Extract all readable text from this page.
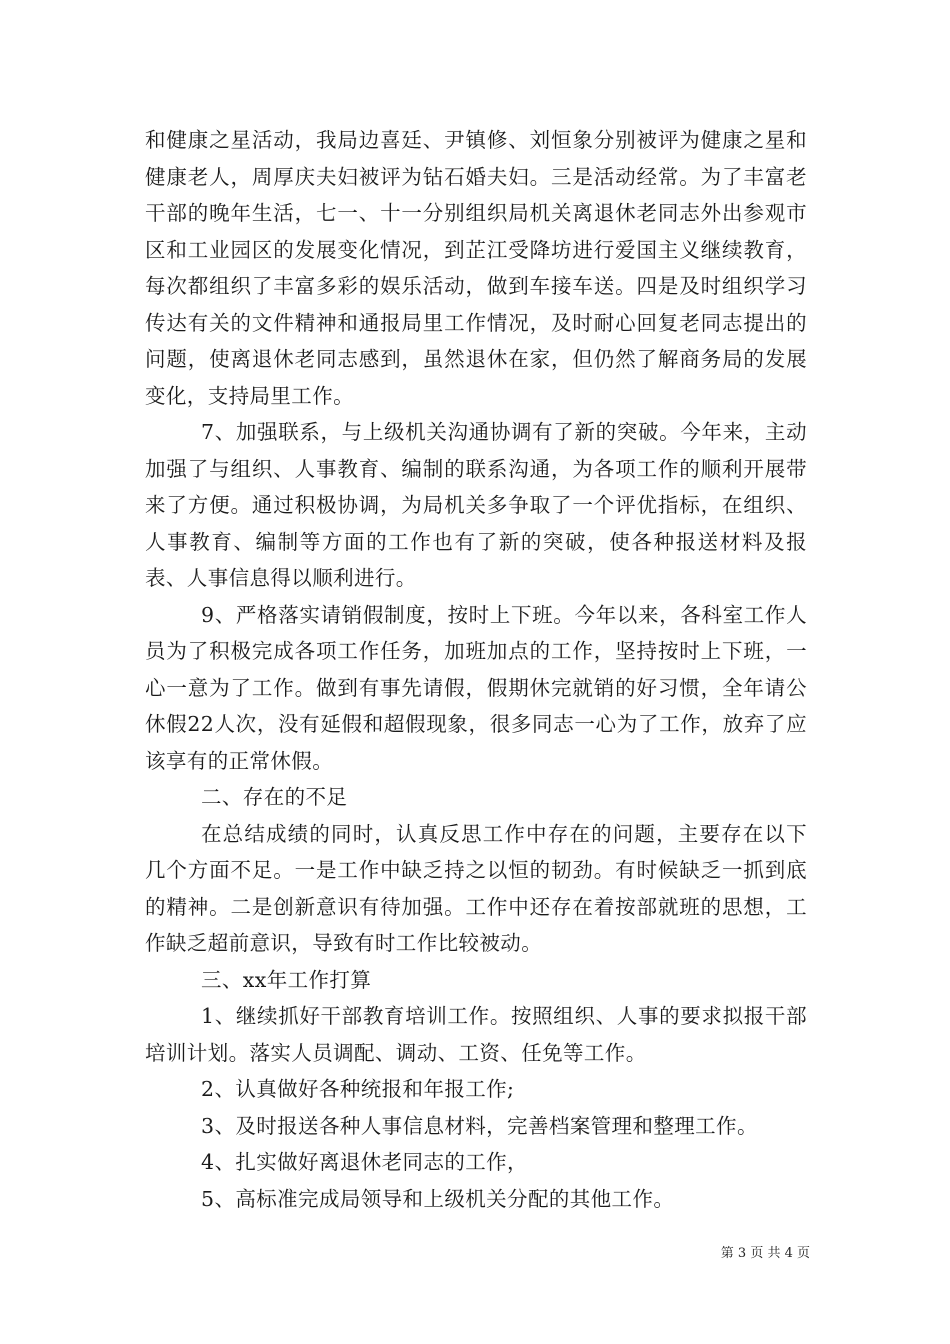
和健康之星活动，我局边喜廷、尹镇修、刘恒象分别被评为健康之星和健康老人，周厚庆夫妇被评为钻石婚夫妇。三是活动经常。为了丰富老干部的晚年生活，七一、十一分别组织局机关离退休老同志外出参观市区和工业园区的发展变化情况，到芷江受降坊进行爱国主义继续教育，每次都组织了丰富多彩的娱乐活动，做到车接车送。四是及时组织学习传达有关的文件精神和通报局里工作情况，及时耐心回复老同志提出的问题，使离退休老同志感到，虽然退休在家，但仍然了解商务局的发展变化，支持局里工作。

7、加强联系，与上级机关沟通协调有了新的突破。今年来，主动加强了与组织、人事教育、编制的联系沟通，为各项工作的顺利开展带来了方便。通过积极协调，为局机关多争取了一个评优指标，在组织、人事教育、编制等方面的工作也有了新的突破，使各种报送材料及报表、人事信息得以顺利进行。

9、严格落实请销假制度，按时上下班。今年以来，各科室工作人员为了积极完成各项工作任务，加班加点的工作，坚持按时上下班，一心一意为了工作。做到有事先请假，假期休完就销的好习惯，全年请公休假22人次，没有延假和超假现象，很多同志一心为了工作，放弃了应该享有的正常休假。

二、存在的不足

在总结成绩的同时，认真反思工作中存在的问题，主要存在以下几个方面不足。一是工作中缺乏持之以恒的韧劲。有时候缺乏一抓到底的精神。二是创新意识有待加强。工作中还存在着按部就班的思想，工作缺乏超前意识，导致有时工作比较被动。

三、xx年工作打算

1、继续抓好干部教育培训工作。按照组织、人事的要求拟报干部培训计划。落实人员调配、调动、工资、任免等工作。

2、认真做好各种统报和年报工作;

3、及时报送各种人事信息材料，完善档案管理和整理工作。

4、扎实做好离退休老同志的工作，

5、高标准完成局领导和上级机关分配的其他工作。

第 3 页 共 4 页
